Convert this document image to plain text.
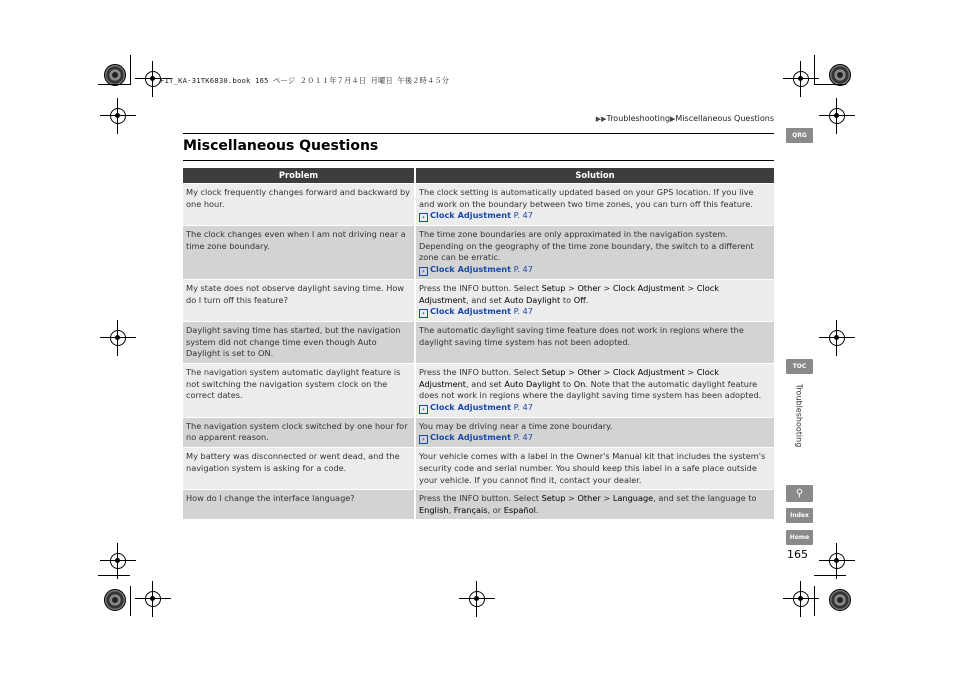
F1T_KA-31TK6830.book 165 ページ ２０１１年７月４日 月曜日 午後２時４５分
▶▶Troubleshooting▶Miscellaneous Questions
Miscellaneous Questions
Problem	Solution
My clock frequently changes forward and backward by one hour.	The clock setting is automatically updated based on your GPS location. If you live and work on the boundary between two time zones, you can turn off this feature.
› Clock Adjustment P. 47
The clock changes even when I am not driving near a time zone boundary.	The time zone boundaries are only approximated in the navigation system. Depending on the geography of the time zone boundary, the switch to a different zone can be erratic.
› Clock Adjustment P. 47
My state does not observe daylight saving time. How do I turn off this feature?	Press the INFO button. Select Setup > Other > Clock Adjustment > Clock Adjustment, and set Auto Daylight to Off.
› Clock Adjustment P. 47
Daylight saving time has started, but the navigation system did not change time even though Auto Daylight is set to ON.	The automatic daylight saving time feature does not work in regions where the daylight saving time system has not been adopted.
The navigation system automatic daylight feature is not switching the navigation system clock on the correct dates.	Press the INFO button. Select Setup > Other > Clock Adjustment > Clock Adjustment, and set Auto Daylight to On. Note that the automatic daylight feature does not work in regions where the daylight saving time system has been adopted.
› Clock Adjustment P. 47
The navigation system clock switched by one hour for no apparent reason.	You may be driving near a time zone boundary.
› Clock Adjustment P. 47
My battery was disconnected or went dead, and the navigation system is asking for a code.	Your vehicle comes with a label in the Owner's Manual kit that includes the system's security code and serial number. You should keep this label in a safe place outside your vehicle. If you cannot find it, contact your dealer.
How do I change the interface language?	Press the INFO button. Select Setup > Other > Language, and set the language to English, Français, or Español.
QRG
TOC
Troubleshooting
⚲
Index
Home
165
